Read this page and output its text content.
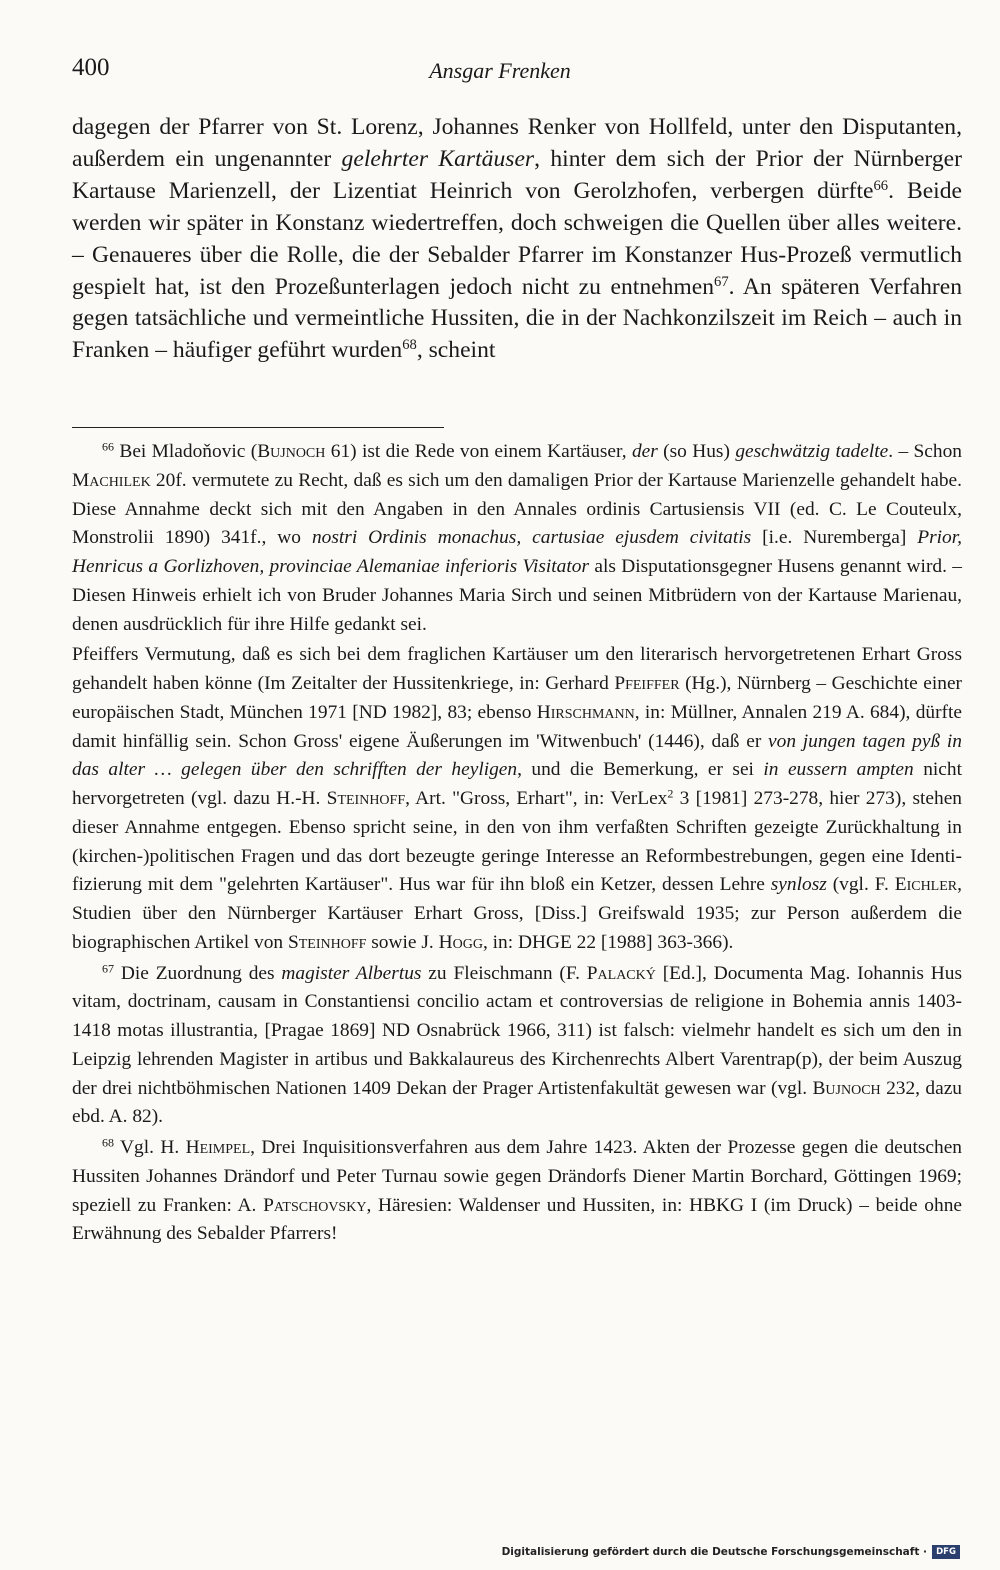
400	Ansgar Frenken

dagegen der Pfarrer von St. Lorenz, Johannes Renker von Hollfeld, unter den Disputanten, außerdem ein ungenannter gelehrter Kartäuser, hinter dem sich der Prior der Nürnberger Kartause Marienzell, der Lizentiat Heinrich von Gerolzhofen, verbergen dürfte$^{66}$. Beide werden wir später in Konstanz wiedertreffen, doch schweigen die Quellen über alles weitere. – Genaueres über die Rolle, die der Sebalder Pfarrer im Konstanzer Hus-Prozeß vermutlich gespielt hat, ist den Prozeßunterlagen jedoch nicht zu entnehmen$^{67}$. An späteren Verfahren gegen tatsächliche und vermeintliche Hussiten, die in der Nachkonzilszeit im Reich – auch in Franken – häufiger geführt wurden$^{68}$, scheint

$^{66}$ Bei Mladoňovic (Bujnoch 61) ist die Rede von einem Kartäuser, der (so Hus) geschwätzig tadelte. – Schon Machilek 20f. vermutete zu Recht, daß es sich um den damaligen Prior der Kartause Marienzelle gehandelt habe. Diese Annahme deckt sich mit den Angaben in den Annales ordinis Cartusiensis VII (ed. C. Le Couteulx, Monstrolii 1890) 341f., wo nostri Ordinis monachus, cartusiae ejusdem civitatis [i.e. Nuremberga] Prior, Henricus a Gorlizhoven, provinciae Alemaniae inferioris Visitator als Disputationsgegner Husens genannt wird. – Diesen Hinweis erhielt ich von Bruder Johannes Maria Sirch und seinen Mitbrüdern von der Kartause Marienau, denen ausdrücklich für ihre Hilfe gedankt sei.

Pfeiffers Vermutung, daß es sich bei dem fraglichen Kartäuser um den literarisch hervorgetretenen Erhart Gross gehandelt haben könne (Im Zeitalter der Hussitenkriege, in: Gerhard Pfeiffer (Hg.), Nürnberg – Geschichte einer europäischen Stadt, München 1971 [ND 1982], 83; ebenso Hirschmann, in: Müllner, Annalen 219 A. 684), dürfte damit hinfällig sein. Schon Gross' eigene Äußerungen im 'Witwenbuch' (1446), daß er von jungen tagen pyß in das alter … gelegen über den schrifften der heyligen, und die Bemerkung, er sei in eussern ampten nicht hervorgetreten (vgl. dazu H.-H. Steinhoff, Art. "Gross, Erhart", in: VerLex$^2$ 3 [1981] 273-278, hier 273), stehen dieser Annahme entgegen. Ebenso spricht seine, in den von ihm verfaßten Schriften gezeigte Zurückhaltung in (kirchen-)politischen Fragen und das dort bezeugte geringe Interesse an Reformbestrebungen, gegen eine Identifizierung mit dem "gelehrten Kartäuser". Hus war für ihn bloß ein Ketzer, dessen Lehre synlosz (vgl. F. Eichler, Studien über den Nürnberger Kartäuser Erhart Gross, [Diss.] Greifswald 1935; zur Person außerdem die biographischen Artikel von Steinhoff sowie J. Hogg, in: DHGE 22 [1988] 363-366).

$^{67}$ Die Zuordnung des magister Albertus zu Fleischmann (F. Palacký [Ed.], Documenta Mag. Iohannis Hus vitam, doctrinam, causam in Constantiensi concilio actam et controversias de religione in Bohemia annis 1403-1418 motas illustrantia, [Pragae 1869] ND Osnabrück 1966, 311) ist falsch: vielmehr handelt es sich um den in Leipzig lehrenden Magister in artibus und Bakkalaureus des Kirchenrechts Albert Varentrap(p), der beim Auszug der drei nichtböhmischen Nationen 1409 Dekan der Prager Artistenfakultät gewesen war (vgl. Bujnoch 232, dazu ebd. A. 82).

$^{68}$ Vgl. H. Heimpel, Drei Inquisitionsverfahren aus dem Jahre 1423. Akten der Prozesse gegen die deutschen Hussiten Johannes Drändorf und Peter Turnau sowie gegen Drändorfs Diener Martin Borchard, Göttingen 1969; speziell zu Franken: A. Patschovsky, Häresien: Waldenser und Hussiten, in: HBKG I (im Druck) – beide ohne Erwähnung des Sebalder Pfarrers!

Digitalisierung gefördert durch die Deutsche Forschungsgemeinschaft ·	DFG
